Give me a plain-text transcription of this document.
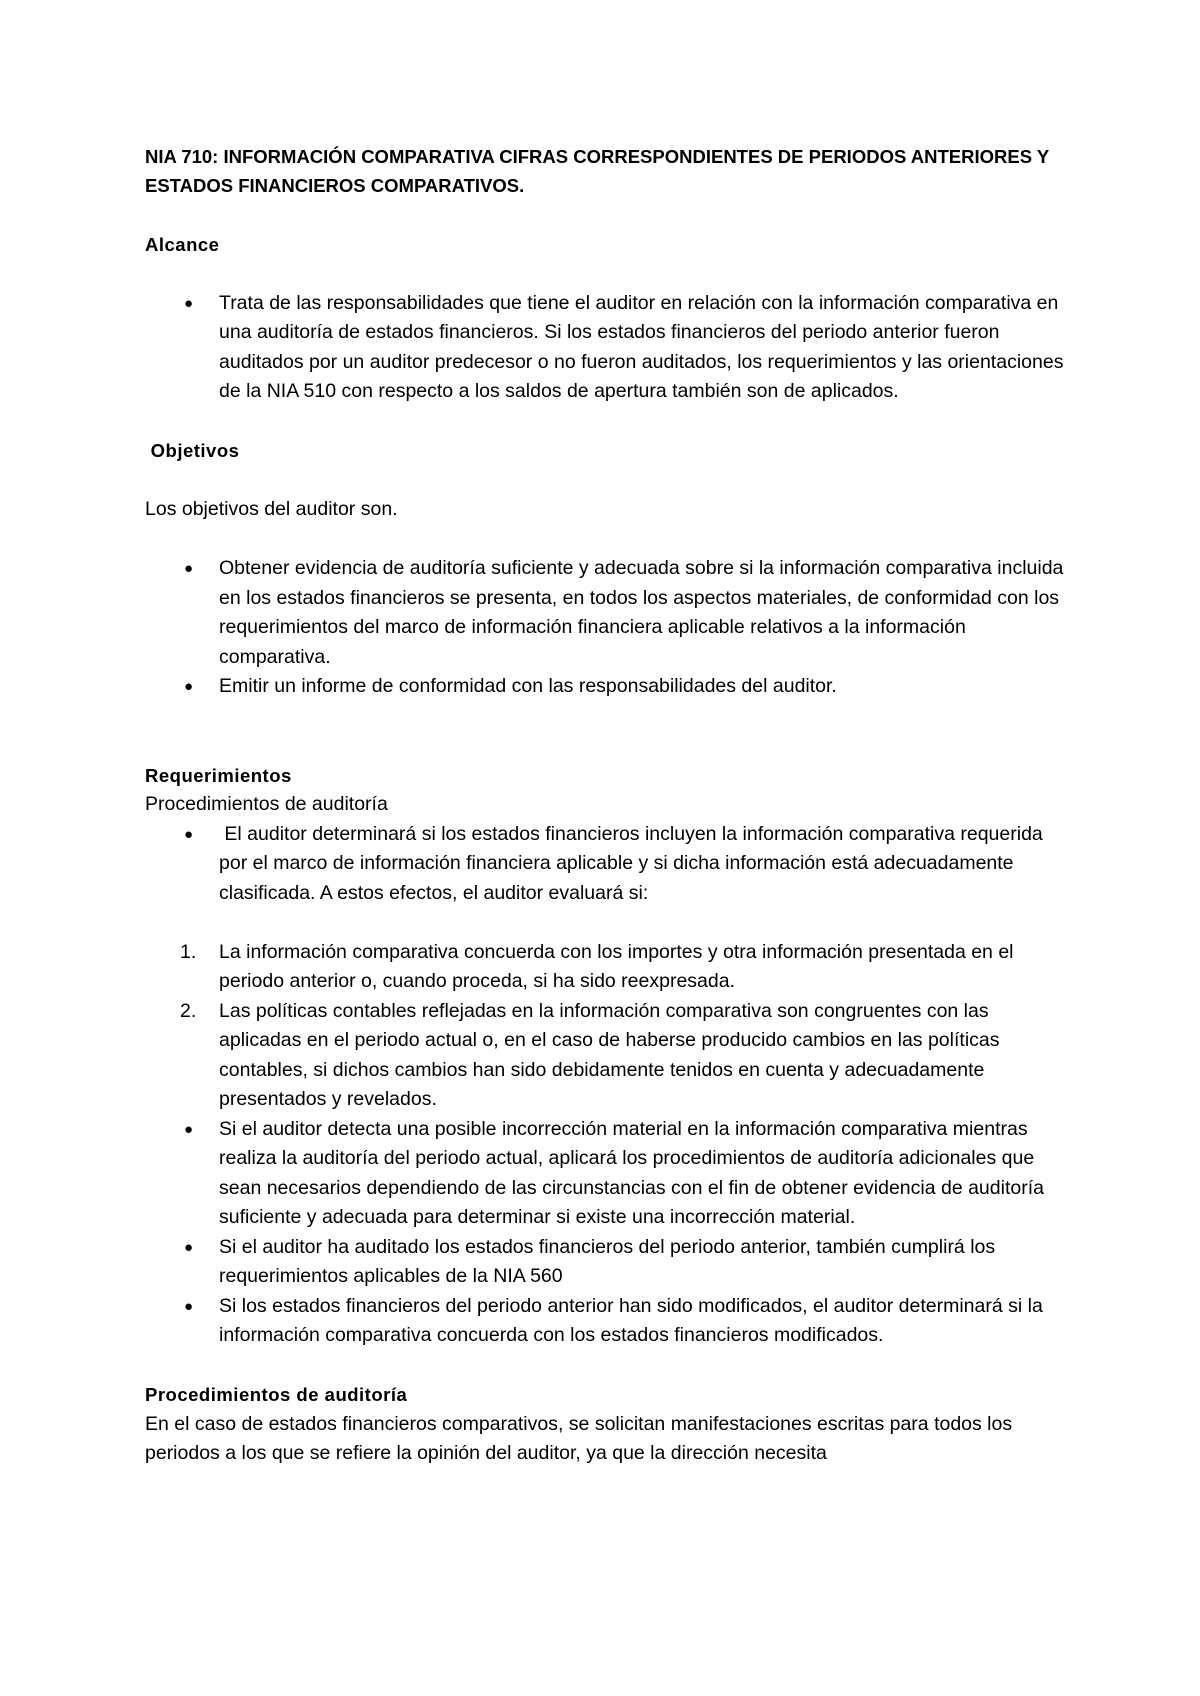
NIA 710: INFORMACIÓN COMPARATIVA CIFRAS CORRESPONDIENTES DE PERIODOS ANTERIORES Y ESTADOS FINANCIEROS COMPARATIVOS.

Alcance

● Trata de las responsabilidades que tiene el auditor en relación con la información comparativa en una auditoría de estados financieros. Si los estados financieros del periodo anterior fueron auditados por un auditor predecesor o no fueron auditados, los requerimientos y las orientaciones de la NIA 510 con respecto a los saldos de apertura también son de aplicados.

Objetivos

Los objetivos del auditor son.

● Obtener evidencia de auditoría suficiente y adecuada sobre si la información comparativa incluida en los estados financieros se presenta, en todos los aspectos materiales, de conformidad con los requerimientos del marco de información financiera aplicable relativos a la información comparativa.
● Emitir un informe de conformidad con las responsabilidades del auditor.

Requerimientos

Procedimientos de auditoría

● El auditor determinará si los estados financieros incluyen la información comparativa requerida por el marco de información financiera aplicable y si dicha información está adecuadamente clasificada. A estos efectos, el auditor evaluará si:
1. La información comparativa concuerda con los importes y otra información presentada en el periodo anterior o, cuando proceda, si ha sido reexpresada.
2. Las políticas contables reflejadas en la información comparativa son congruentes con las aplicadas en el periodo actual o, en el caso de haberse producido cambios en las políticas contables, si dichos cambios han sido debidamente tenidos en cuenta y adecuadamente presentados y revelados.
● Si el auditor detecta una posible incorrección material en la información comparativa mientras realiza la auditoría del periodo actual, aplicará los procedimientos de auditoría adicionales que sean necesarios dependiendo de las circunstancias con el fin de obtener evidencia de auditoría suficiente y adecuada para determinar si existe una incorrección material.
● Si el auditor ha auditado los estados financieros del periodo anterior, también cumplirá los requerimientos aplicables de la NIA 560
● Si los estados financieros del periodo anterior han sido modificados, el auditor determinará si la información comparativa concuerda con los estados financieros modificados.

Procedimientos de auditoría

En el caso de estados financieros comparativos, se solicitan manifestaciones escritas para todos los periodos a los que se refiere la opinión del auditor, ya que la dirección necesita
